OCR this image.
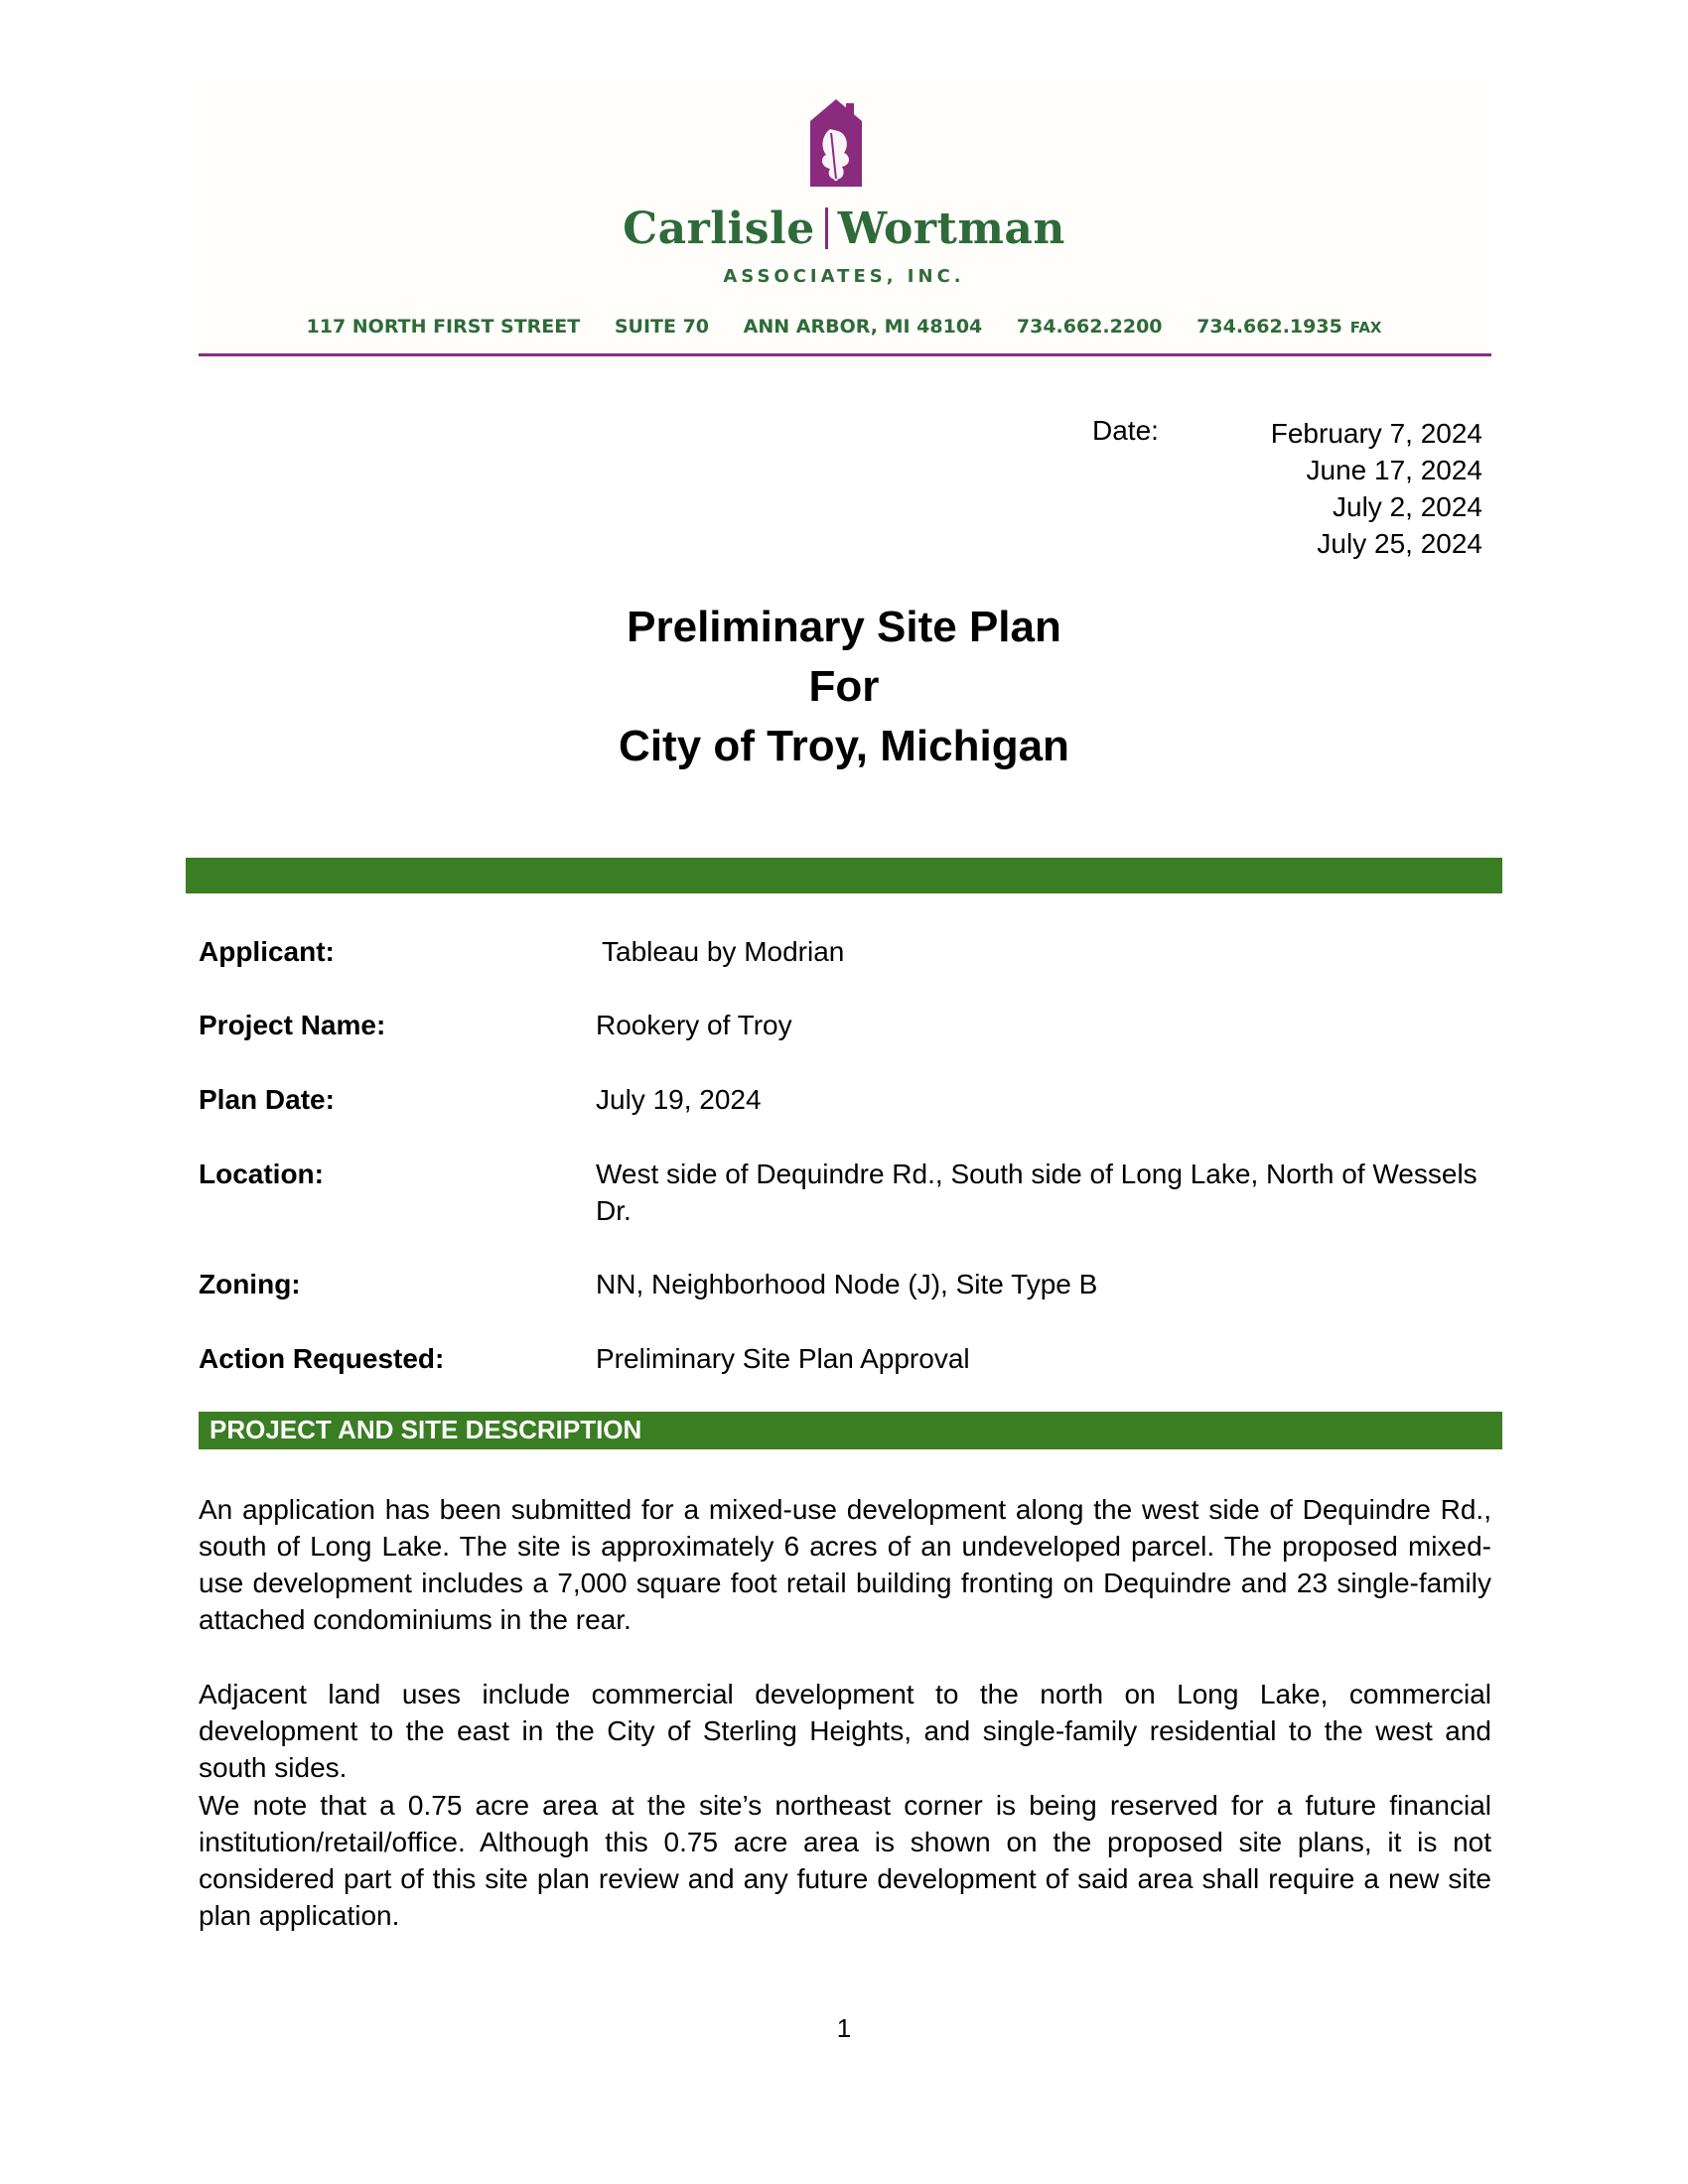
Carlisle Wortman
ASSOCIATES, INC.
117 NORTH FIRST STREET SUITE 70 ANN ARBOR, MI 48104 734.662.2200 734.662.1935 FAX
Date:	February 7, 2024
June 17, 2024
July 2, 2024
July 25, 2024
Preliminary Site Plan
For
City of Troy, Michigan
Applicant:	Tableau by Modrian
Project Name:	Rookery of Troy
Plan Date:	July 19, 2024
Location:	West side of Dequindre Rd., South side of Long Lake, North of Wessels Dr.
Zoning:	NN, Neighborhood Node (J), Site Type B
Action Requested:	Preliminary Site Plan Approval
PROJECT AND SITE DESCRIPTION
An application has been submitted for a mixed-use development along the west side of Dequindre Rd., south of Long Lake. The site is approximately 6 acres of an undeveloped parcel. The proposed mixed-use development includes a 7,000 square foot retail building fronting on Dequindre and 23 single-family attached condominiums in the rear.
Adjacent land uses include commercial development to the north on Long Lake, commercial development to the east in the City of Sterling Heights, and single-family residential to the west and south sides.
We note that a 0.75 acre area at the site’s northeast corner is being reserved for a future financial institution/retail/office. Although this 0.75 acre area is shown on the proposed site plans, it is not considered part of this site plan review and any future development of said area shall require a new site plan application.
1
